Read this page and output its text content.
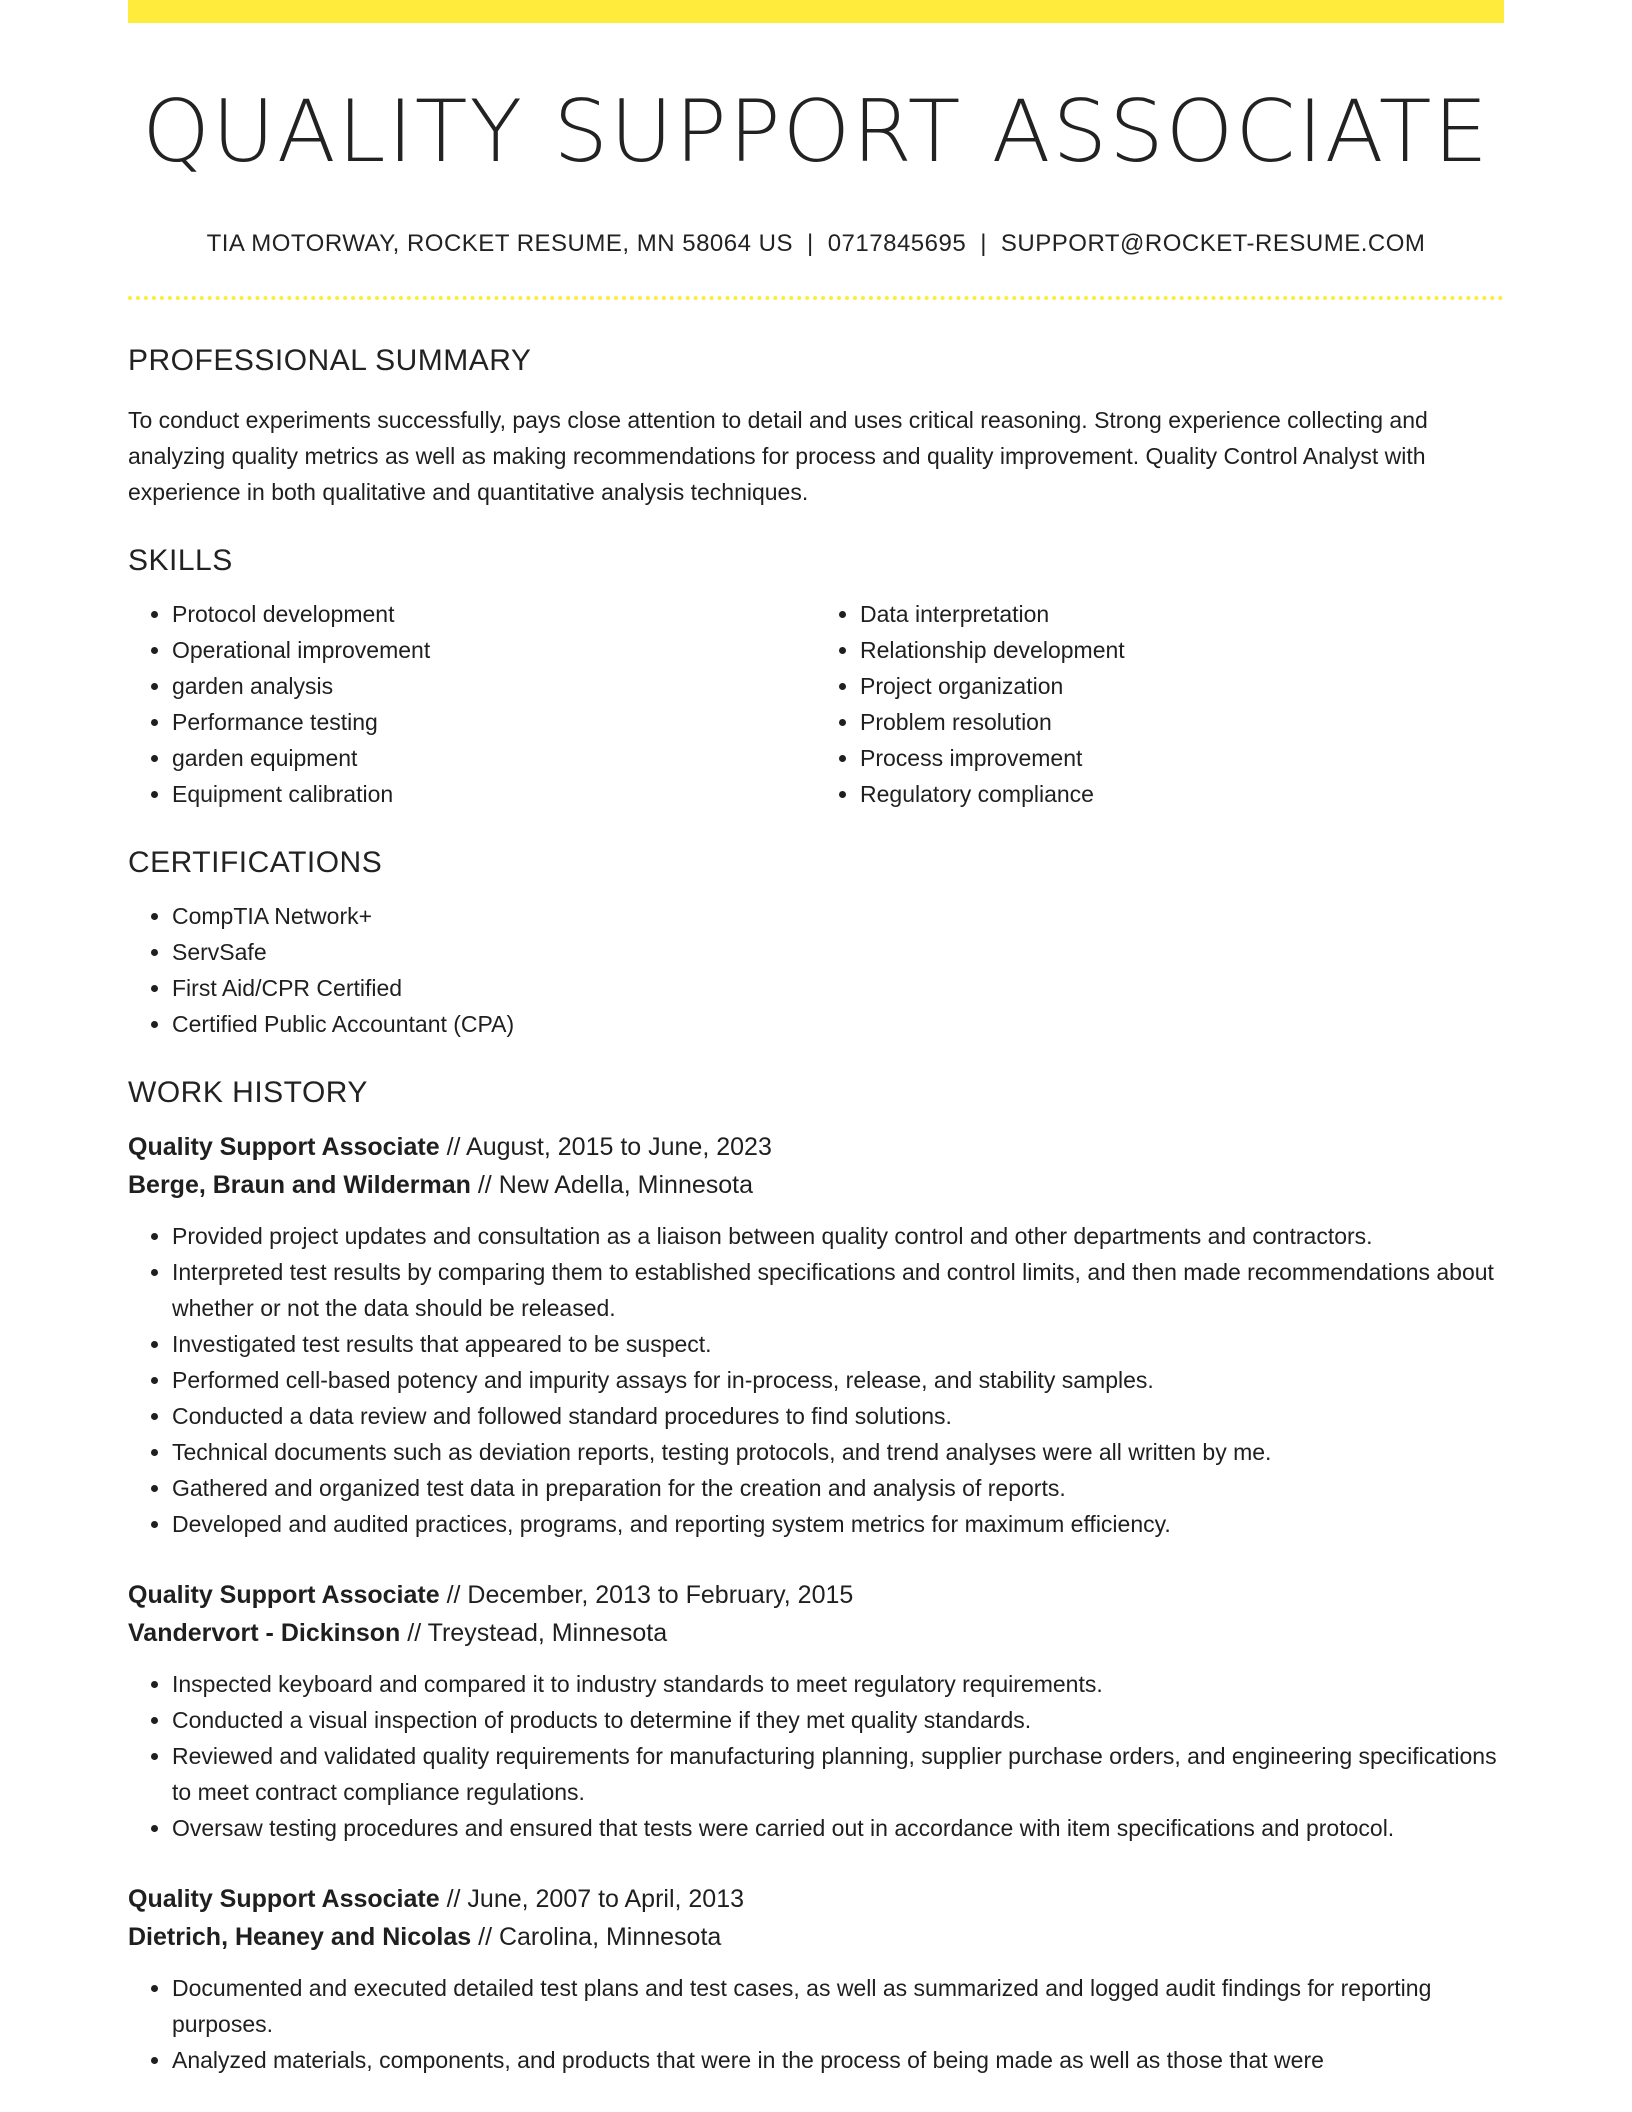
QUALITY SUPPORT ASSOCIATE
TIA MOTORWAY, ROCKET RESUME, MN 58064 US | 0717845695 | SUPPORT@ROCKET-RESUME.COM
PROFESSIONAL SUMMARY
To conduct experiments successfully, pays close attention to detail and uses critical reasoning. Strong experience collecting and analyzing quality metrics as well as making recommendations for process and quality improvement. Quality Control Analyst with experience in both qualitative and quantitative analysis techniques.
SKILLS
• Protocol development
• Operational improvement
• garden analysis
• Performance testing
• garden equipment
• Equipment calibration
• Data interpretation
• Relationship development
• Project organization
• Problem resolution
• Process improvement
• Regulatory compliance
CERTIFICATIONS
• CompTIA Network+
• ServSafe
• First Aid/CPR Certified
• Certified Public Accountant (CPA)
WORK HISTORY
Quality Support Associate // August, 2015 to June, 2023
Berge, Braun and Wilderman // New Adella, Minnesota
• Provided project updates and consultation as a liaison between quality control and other departments and contractors.
• Interpreted test results by comparing them to established specifications and control limits, and then made recommendations about whether or not the data should be released.
• Investigated test results that appeared to be suspect.
• Performed cell-based potency and impurity assays for in-process, release, and stability samples.
• Conducted a data review and followed standard procedures to find solutions.
• Technical documents such as deviation reports, testing protocols, and trend analyses were all written by me.
• Gathered and organized test data in preparation for the creation and analysis of reports.
• Developed and audited practices, programs, and reporting system metrics for maximum efficiency.
Quality Support Associate // December, 2013 to February, 2015
Vandervort - Dickinson // Treystead, Minnesota
• Inspected keyboard and compared it to industry standards to meet regulatory requirements.
• Conducted a visual inspection of products to determine if they met quality standards.
• Reviewed and validated quality requirements for manufacturing planning, supplier purchase orders, and engineering specifications to meet contract compliance regulations.
• Oversaw testing procedures and ensured that tests were carried out in accordance with item specifications and protocol.
Quality Support Associate // June, 2007 to April, 2013
Dietrich, Heaney and Nicolas // Carolina, Minnesota
• Documented and executed detailed test plans and test cases, as well as summarized and logged audit findings for reporting purposes.
• Analyzed materials, components, and products that were in the process of being made as well as those that were
